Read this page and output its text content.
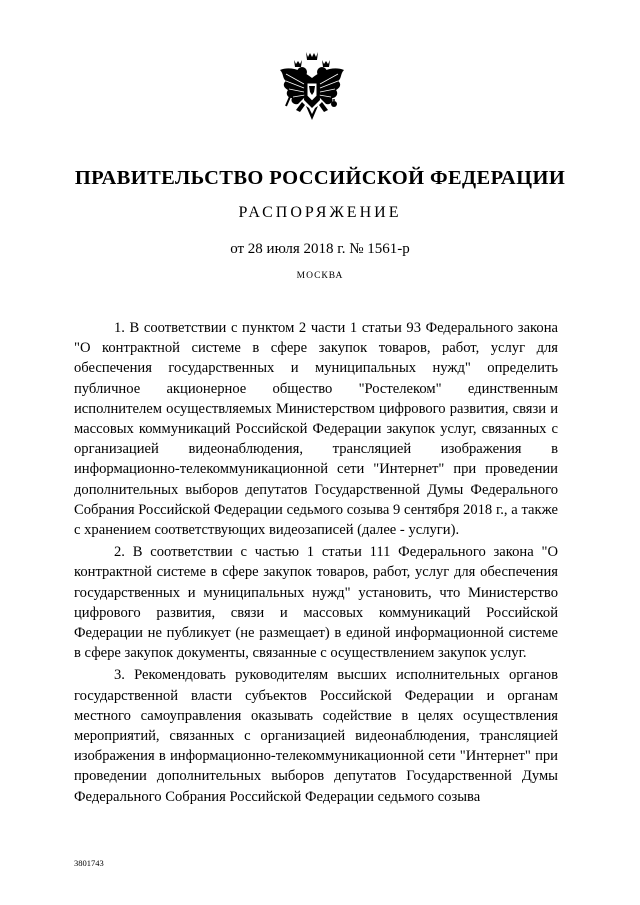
ПРАВИТЕЛЬСТВО РОССИЙСКОЙ ФЕДЕРАЦИИ
РАСПОРЯЖЕНИЕ
от 28 июля 2018 г. № 1561-р
МОСКВА

1. В соответствии с пунктом 2 части 1 статьи 93 Федерального закона "О контрактной системе в сфере закупок товаров, работ, услуг для обеспечения государственных и муниципальных нужд" определить публичное акционерное общество "Ростелеком" единственным исполнителем осуществляемых Министерством цифрового развития, связи и массовых коммуникаций Российской Федерации закупок услуг, связанных с организацией видеонаблюдения, трансляцией изображения в информационно-телекоммуникационной сети "Интернет" при проведении дополнительных выборов депутатов Государственной Думы Федерального Собрания Российской Федерации седьмого созыва 9 сентября 2018 г., а также с хранением соответствующих видеозаписей (далее - услуги).

2. В соответствии с частью 1 статьи 111 Федерального закона "О контрактной системе в сфере закупок товаров, работ, услуг для обеспечения государственных и муниципальных нужд" установить, что Министерство цифрового развития, связи и массовых коммуникаций Российской Федерации не публикует (не размещает) в единой информационной системе в сфере закупок документы, связанные с осуществлением закупок услуг.

3. Рекомендовать руководителям высших исполнительных органов государственной власти субъектов Российской Федерации и органам местного самоуправления оказывать содействие в целях осуществления мероприятий, связанных с организацией видеонаблюдения, трансляцией изображения в информационно-телекоммуникационной сети "Интернет" при проведении дополнительных выборов депутатов Государственной Думы Федерального Собрания Российской Федерации седьмого созыва

3801743
